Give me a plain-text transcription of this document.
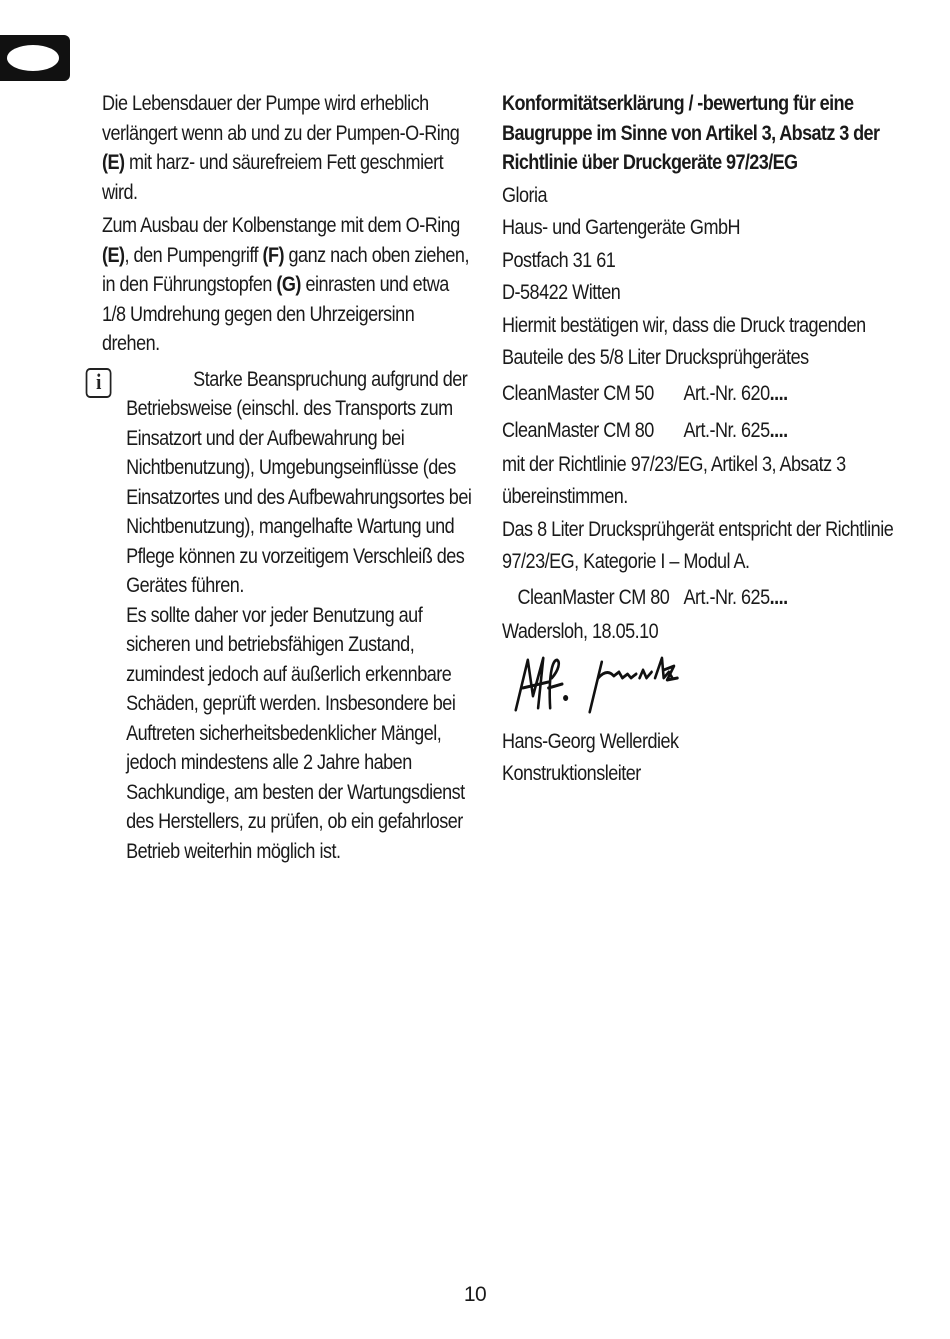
Die Lebensdauer der Pumpe wird erheblich verlängert wenn ab und zu der Pumpen-O-Ring (E) mit harz- und säurefreiem Fett geschmiert wird.

Zum Ausbau der Kolbenstange mit dem O-Ring (E), den Pumpengriff (F) ganz nach oben ziehen, in den Führungstopfen (G) einrasten und etwa 1/8 Umdrehung gegen den Uhrzeigersinn drehen.

i	Starke Beanspruchung aufgrund der Betriebsweise (einschl. des Transports zum Einsatzort und der Aufbewahrung bei Nichtbenutzung), Umgebungseinflüsse (des Einsatzortes und des Aufbewahrungsortes bei Nichtbenutzung), mangelhafte Wartung und Pflege können zu vorzeitigem Verschleiß des Gerätes führen.

Es sollte daher vor jeder Benutzung auf sicheren und betriebsfähigen Zustand, zumindest jedoch auf äußerlich erkennbare Schäden, geprüft werden. Insbesondere bei Auftreten sicherheitsbedenklicher Mängel, jedoch mindestens alle 2 Jahre haben Sachkundige, am besten der Wartungsdienst des Herstellers, zu prüfen, ob ein gefahrloser Betrieb weiterhin möglich ist.

Konformitätserklärung / -bewertung für eine Baugruppe im Sinne von Artikel 3, Absatz 3 der Richtlinie über Druckgeräte 97/23/EG

Gloria

Haus- und Gartengeräte GmbH

Postfach 31 61

D-58422 Witten

Hiermit bestätigen wir, dass die Druck tragenden Bauteile des 5/8 Liter Drucksprühgerätes

CleanMaster CM 50	Art.-Nr. 620....
CleanMaster CM 80	Art.-Nr. 625....

mit der Richtlinie 97/23/EG, Artikel 3, Absatz 3 übereinstimmen.

Das 8 Liter Drucksprühgerät entspricht der Richtlinie 97/23/EG, Kategorie I – Modul A.

CleanMaster CM 80 Art.-Nr. 625....

Wadersloh, 18.05.10

Hans-Georg Wellerdiek

Konstruktionsleiter

10
